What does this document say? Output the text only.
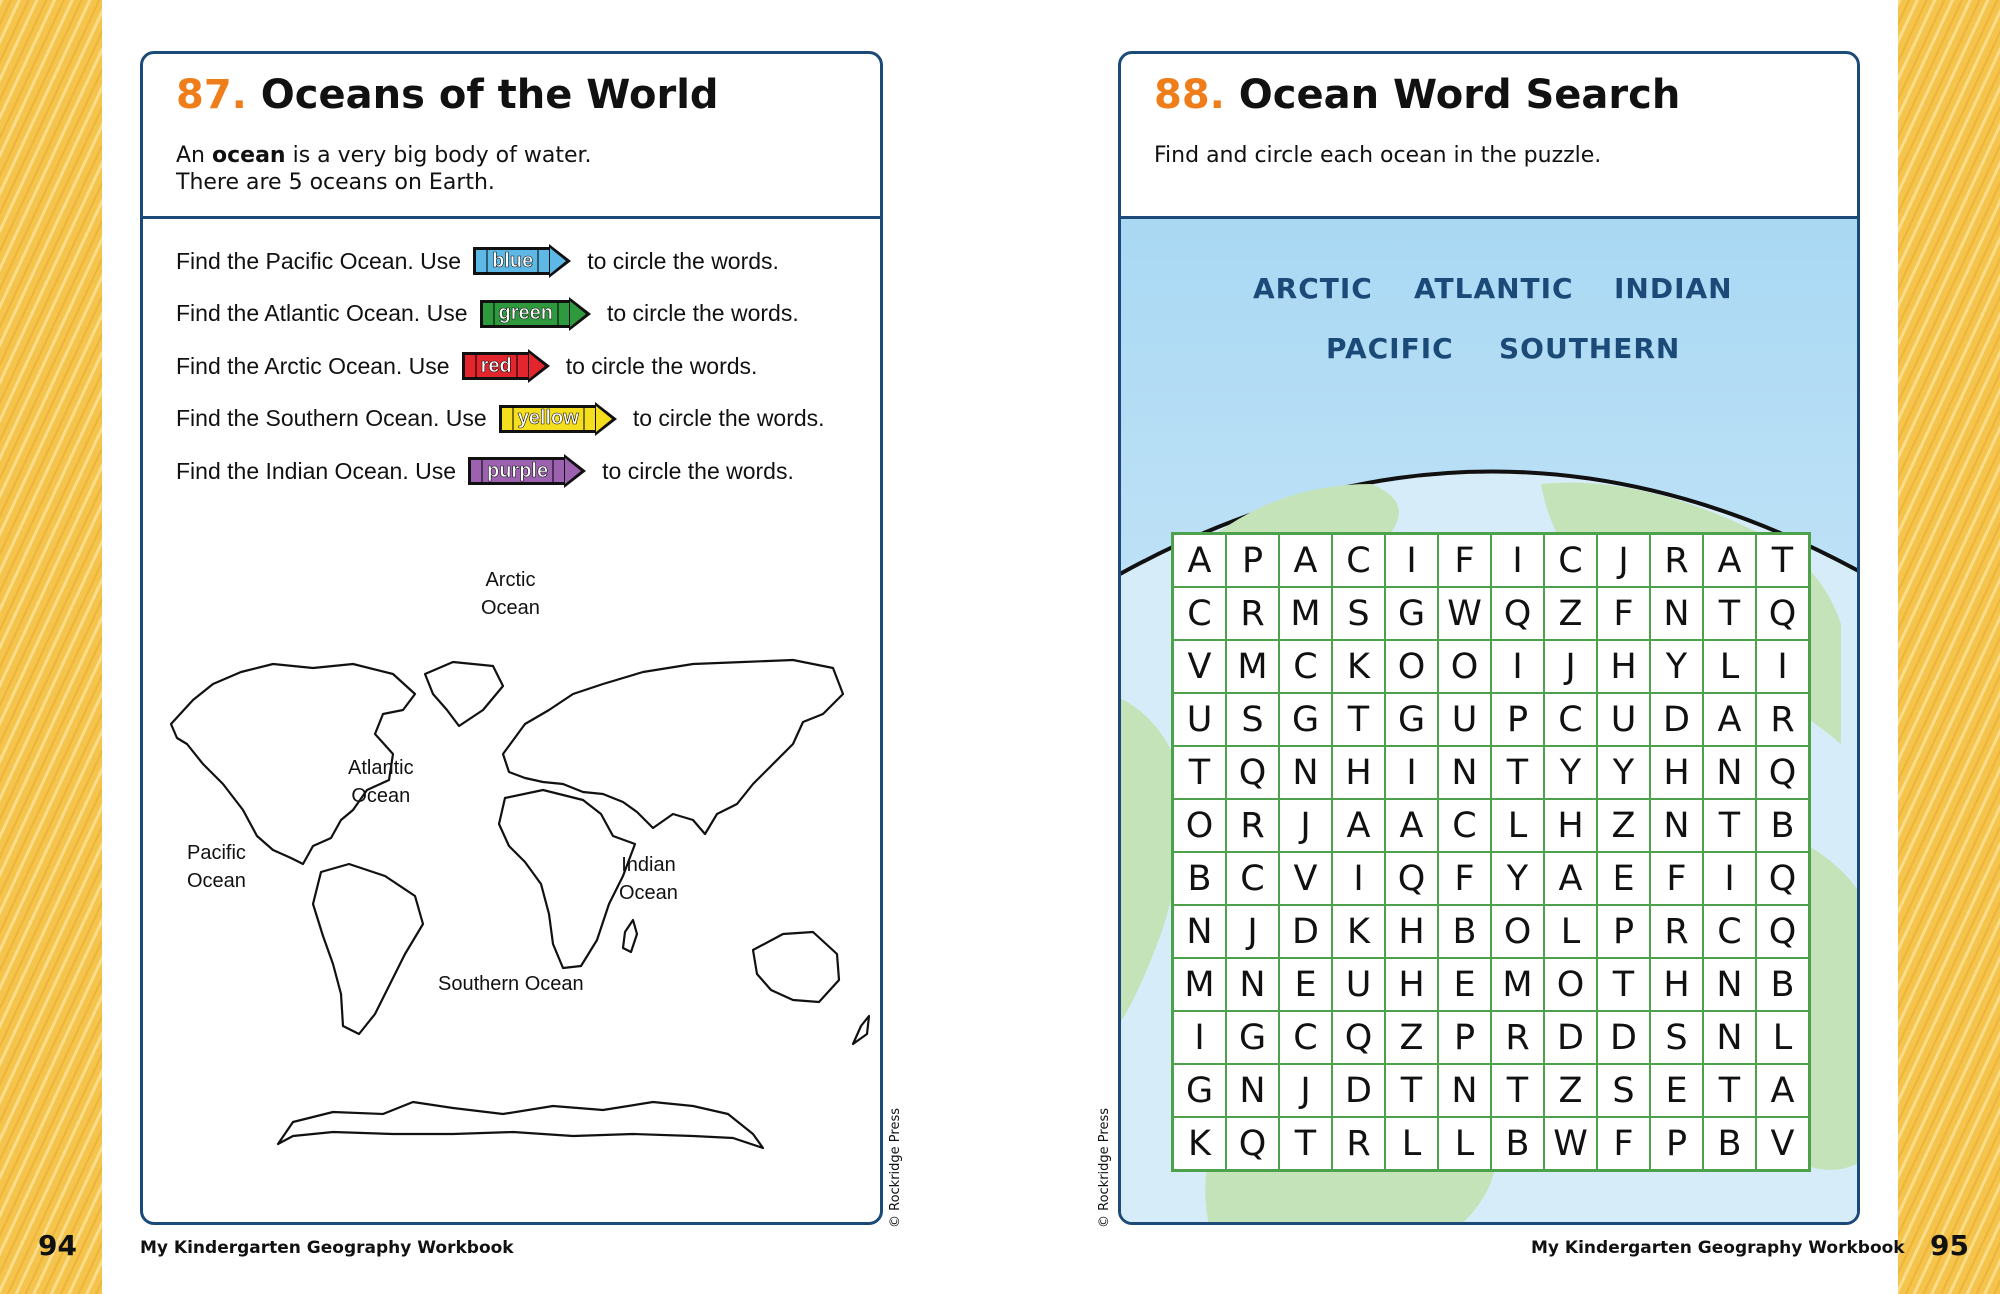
87. Oceans of the World
An ocean is a very big body of water.
There are 5 oceans on Earth.
Find the Pacific Ocean. Use	blue to circle the words.
Find the Atlantic Ocean. Use	green to circle the words.
Find the Arctic Ocean. Use	red to circle the words.
Find the Southern Ocean. Use	yellow to circle the words.
Find the Indian Ocean. Use	purple to circle the words.
Arctic
Ocean
Atlantic
Ocean
Pacific
Ocean
Indian
Ocean
Southern Ocean
© Rockridge Press	© Rockridge Press
88. Ocean Word Search
Find and circle each ocean in the puzzle.
ARCTIC ATLANTIC INDIAN
PACIFIC SOUTHERN
A P A C	I	F	I	C	J	R A T
C R M S G W Q Z F N T Q
V M C K O O I	J H Y L	I
U S G T G U P C U D A R
T Q N H I N T Y Y H N Q
O R	J	A A C L H Z N T B
B C V	I Q F Y A E F	I Q
N J D K H B O L P R C Q
M N E U H E M O T H N B
I G C Q Z P R D D S N L
G N J D T N T Z S E T A
K Q T R L L B W F P B V
94	My Kindergarten Geography Workbook	My Kindergarten Geography Workbook 95
